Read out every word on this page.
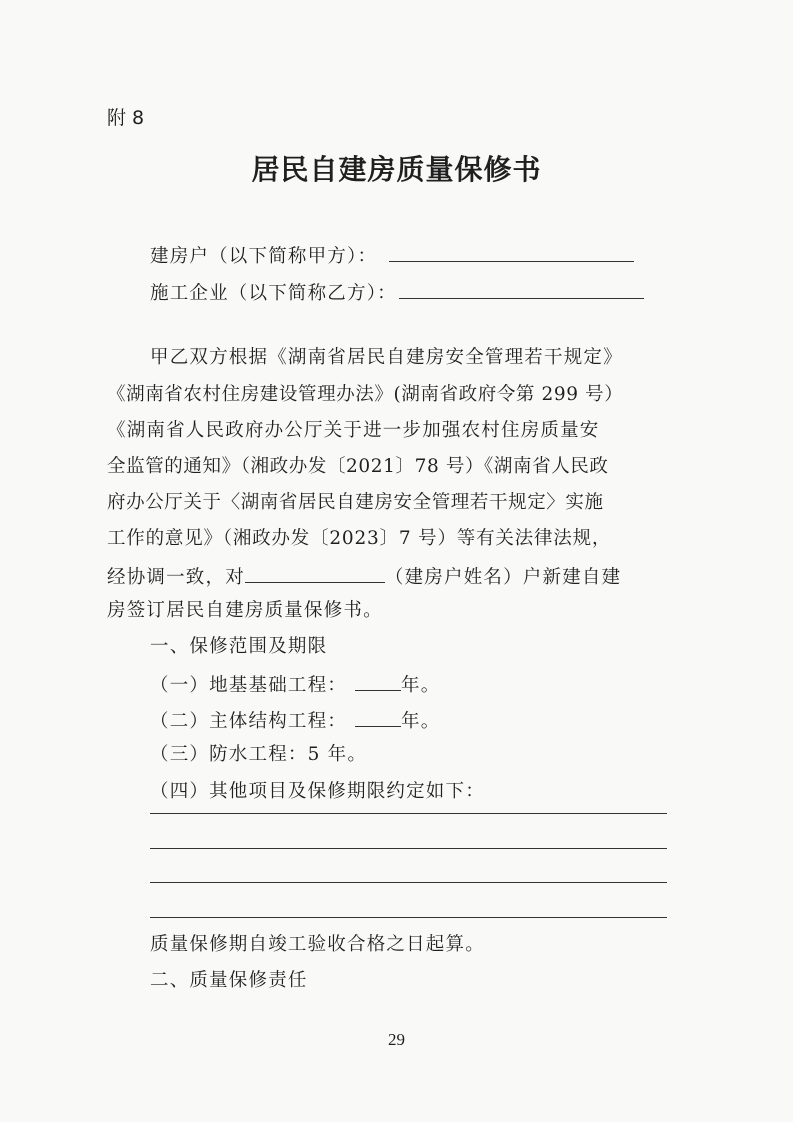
附 8
居民自建房质量保修书
建房户（以下简称甲方）：
施工企业（以下简称乙方）：
甲乙双方根据《湖南省居民自建房安全管理若干规定》
《湖南省农村住房建设管理办法》(湖南省政府令第 299 号）
《湖南省人民政府办公厅关于进一步加强农村住房质量安
全监管的通知》（湘政办发〔2021〕78 号）《湖南省人民政
府办公厅关于〈湖南省居民自建房安全管理若干规定〉实施
工作的意见》（湘政办发〔2023〕7 号）等有关法律法规，
经协调一致，对	（建房户姓名）户新建自建
房签订居民自建房质量保修书。
一、保修范围及期限
（一）地基基础工程：	年。
（二）主体结构工程：	年。
（三）防水工程：5 年。
（四）其他项目及保修期限约定如下：
质量保修期自竣工验收合格之日起算。
二、质量保修责任
29
